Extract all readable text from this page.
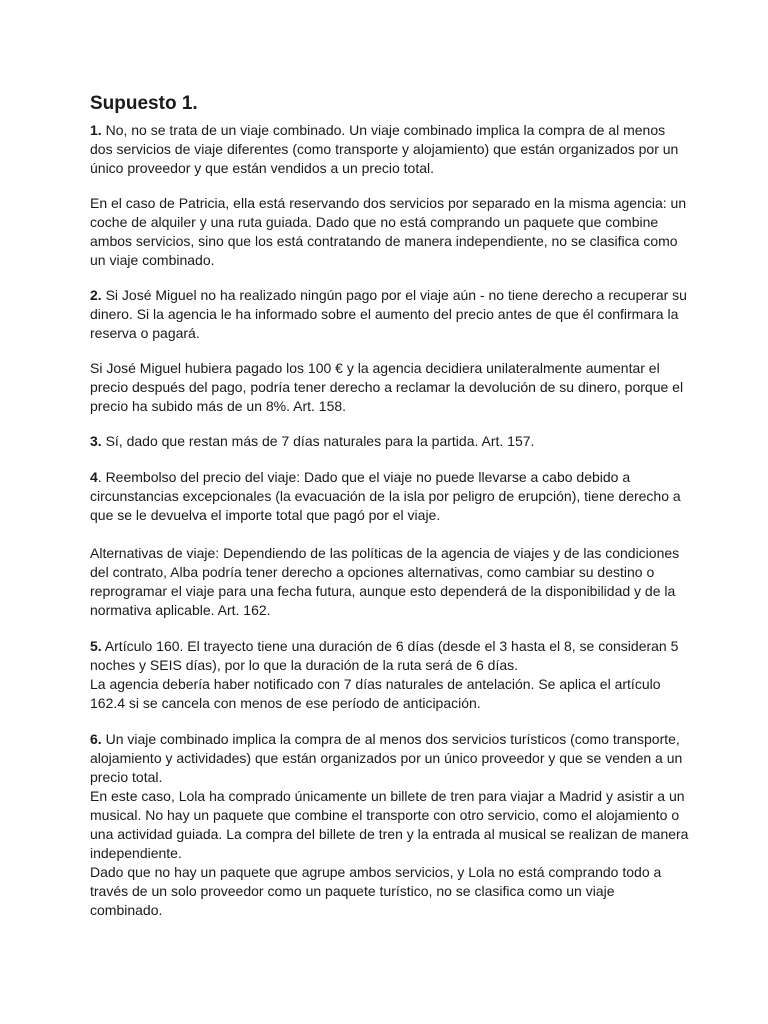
Supuesto 1.

1. No, no se trata de un viaje combinado. Un viaje combinado implica la compra de al menos dos servicios de viaje diferentes (como transporte y alojamiento) que están organizados por un único proveedor y que están vendidos a un precio total.

En el caso de Patricia, ella está reservando dos servicios por separado en la misma agencia: un coche de alquiler y una ruta guiada. Dado que no está comprando un paquete que combine ambos servicios, sino que los está contratando de manera independiente, no se clasifica como un viaje combinado.

2. Si José Miguel no ha realizado ningún pago por el viaje aún - no tiene derecho a recuperar su dinero. Si la agencia le ha informado sobre el aumento del precio antes de que él confirmara la reserva o pagará.

Si José Miguel hubiera pagado los 100 € y la agencia decidiera unilateralmente aumentar el precio después del pago, podría tener derecho a reclamar la devolución de su dinero, porque el precio ha subido más de un 8%. Art. 158.

3. Sí, dado que restan más de 7 días naturales para la partida. Art. 157.

4. Reembolso del precio del viaje: Dado que el viaje no puede llevarse a cabo debido a circunstancias excepcionales (la evacuación de la isla por peligro de erupción), tiene derecho a que se le devuelva el importe total que pagó por el viaje.

Alternativas de viaje: Dependiendo de las políticas de la agencia de viajes y de las condiciones del contrato, Alba podría tener derecho a opciones alternativas, como cambiar su destino o reprogramar el viaje para una fecha futura, aunque esto dependerá de la disponibilidad y de la normativa aplicable. Art. 162.

5. Artículo 160. El trayecto tiene una duración de 6 días (desde el 3 hasta el 8, se consideran 5 noches y SEIS días), por lo que la duración de la ruta será de 6 días.

La agencia debería haber notificado con 7 días naturales de antelación. Se aplica el artículo 162.4 si se cancela con menos de ese período de anticipación.

6. Un viaje combinado implica la compra de al menos dos servicios turísticos (como transporte, alojamiento y actividades) que están organizados por un único proveedor y que se venden a un precio total.

En este caso, Lola ha comprado únicamente un billete de tren para viajar a Madrid y asistir a un musical. No hay un paquete que combine el transporte con otro servicio, como el alojamiento o una actividad guiada. La compra del billete de tren y la entrada al musical se realizan de manera independiente.

Dado que no hay un paquete que agrupe ambos servicios, y Lola no está comprando todo a través de un solo proveedor como un paquete turístico, no se clasifica como un viaje combinado.
